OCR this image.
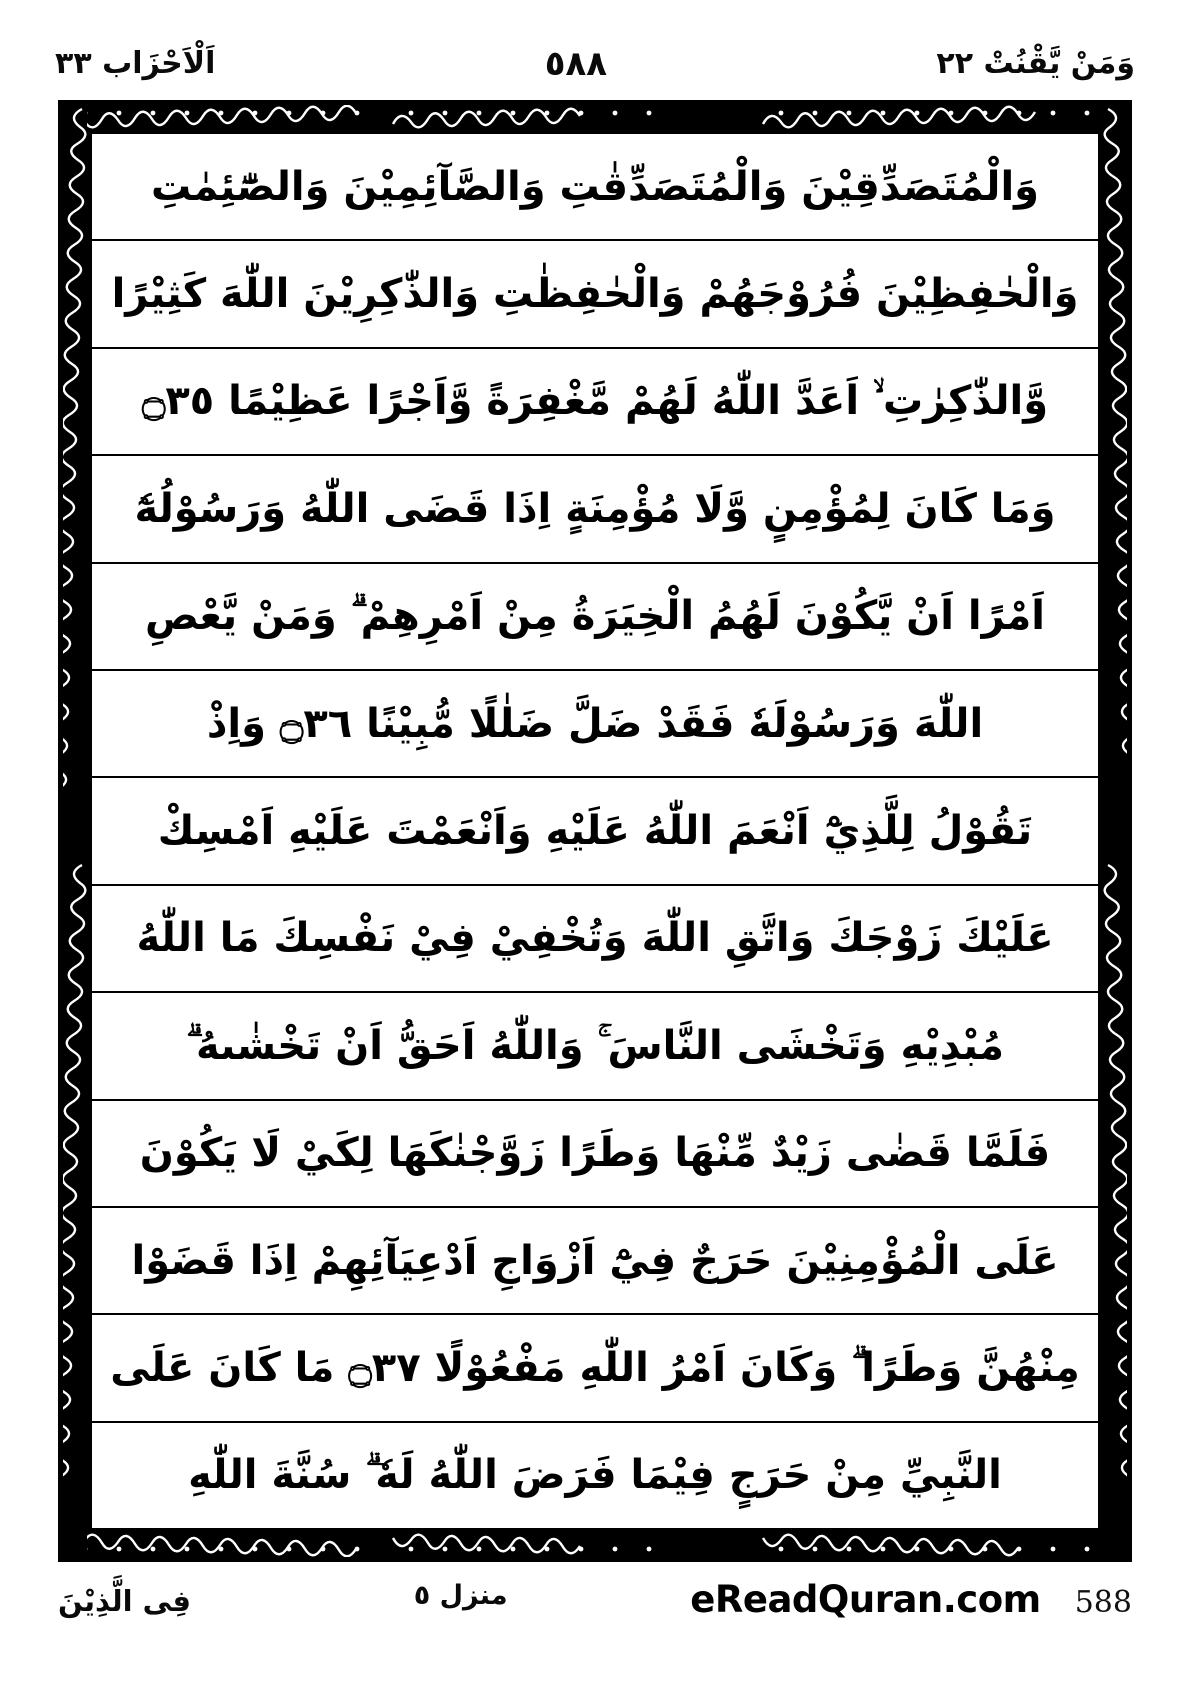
وَمَنْ يَّقْنُتْ ٢٢
٥٨٨
اَلْاَحْزَاب ٣٣
وَالْمُتَصَدِّقِيْنَ وَالْمُتَصَدِّقٰتِ وَالصَّآئِمِيْنَ وَالصّٰٓئِمٰتِ
وَالْحٰفِظِيْنَ فُرُوْجَهُمْ وَالْحٰفِظٰتِ وَالذّٰكِرِيْنَ اللّٰهَ كَثِيْرًا
وَّالذّٰكِرٰتِ ۙ اَعَدَّ اللّٰهُ لَهُمْ مَّغْفِرَةً وَّاَجْرًا عَظِيْمًا ۝٣٥
وَمَا كَانَ لِمُؤْمِنٍ وَّلَا مُؤْمِنَةٍ اِذَا قَضَى اللّٰهُ وَرَسُوْلُهٗٓ
اَمْرًا اَنْ يَّكُوْنَ لَهُمُ الْخِيَرَةُ مِنْ اَمْرِهِمْ ۗ وَمَنْ يَّعْصِ
اللّٰهَ وَرَسُوْلَهٗ فَقَدْ ضَلَّ ضَلٰلًا مُّبِيْنًا ۝٣٦ وَاِذْ
تَقُوْلُ لِلَّذِيْٓ اَنْعَمَ اللّٰهُ عَلَيْهِ وَاَنْعَمْتَ عَلَيْهِ اَمْسِكْ
عَلَيْكَ زَوْجَكَ وَاتَّقِ اللّٰهَ وَتُخْفِيْ فِيْ نَفْسِكَ مَا اللّٰهُ
مُبْدِيْهِ وَتَخْشَى النَّاسَ ۚ وَاللّٰهُ اَحَقُّ اَنْ تَخْشٰىهُ ۗ
فَلَمَّا قَضٰى زَيْدٌ مِّنْهَا وَطَرًا زَوَّجْنٰكَهَا لِكَيْ لَا يَكُوْنَ
عَلَى الْمُؤْمِنِيْنَ حَرَجٌ فِيْٓ اَزْوَاجِ اَدْعِيَآئِهِمْ اِذَا قَضَوْا
مِنْهُنَّ وَطَرًا ۗ وَكَانَ اَمْرُ اللّٰهِ مَفْعُوْلًا ۝٣٧ مَا كَانَ عَلَى
النَّبِيِّ مِنْ حَرَجٍ فِيْمَا فَرَضَ اللّٰهُ لَهٗ ۗ سُنَّةَ اللّٰهِ
فِى الَّذِيْنَ	منزل ٥	eReadQuran.com 588
